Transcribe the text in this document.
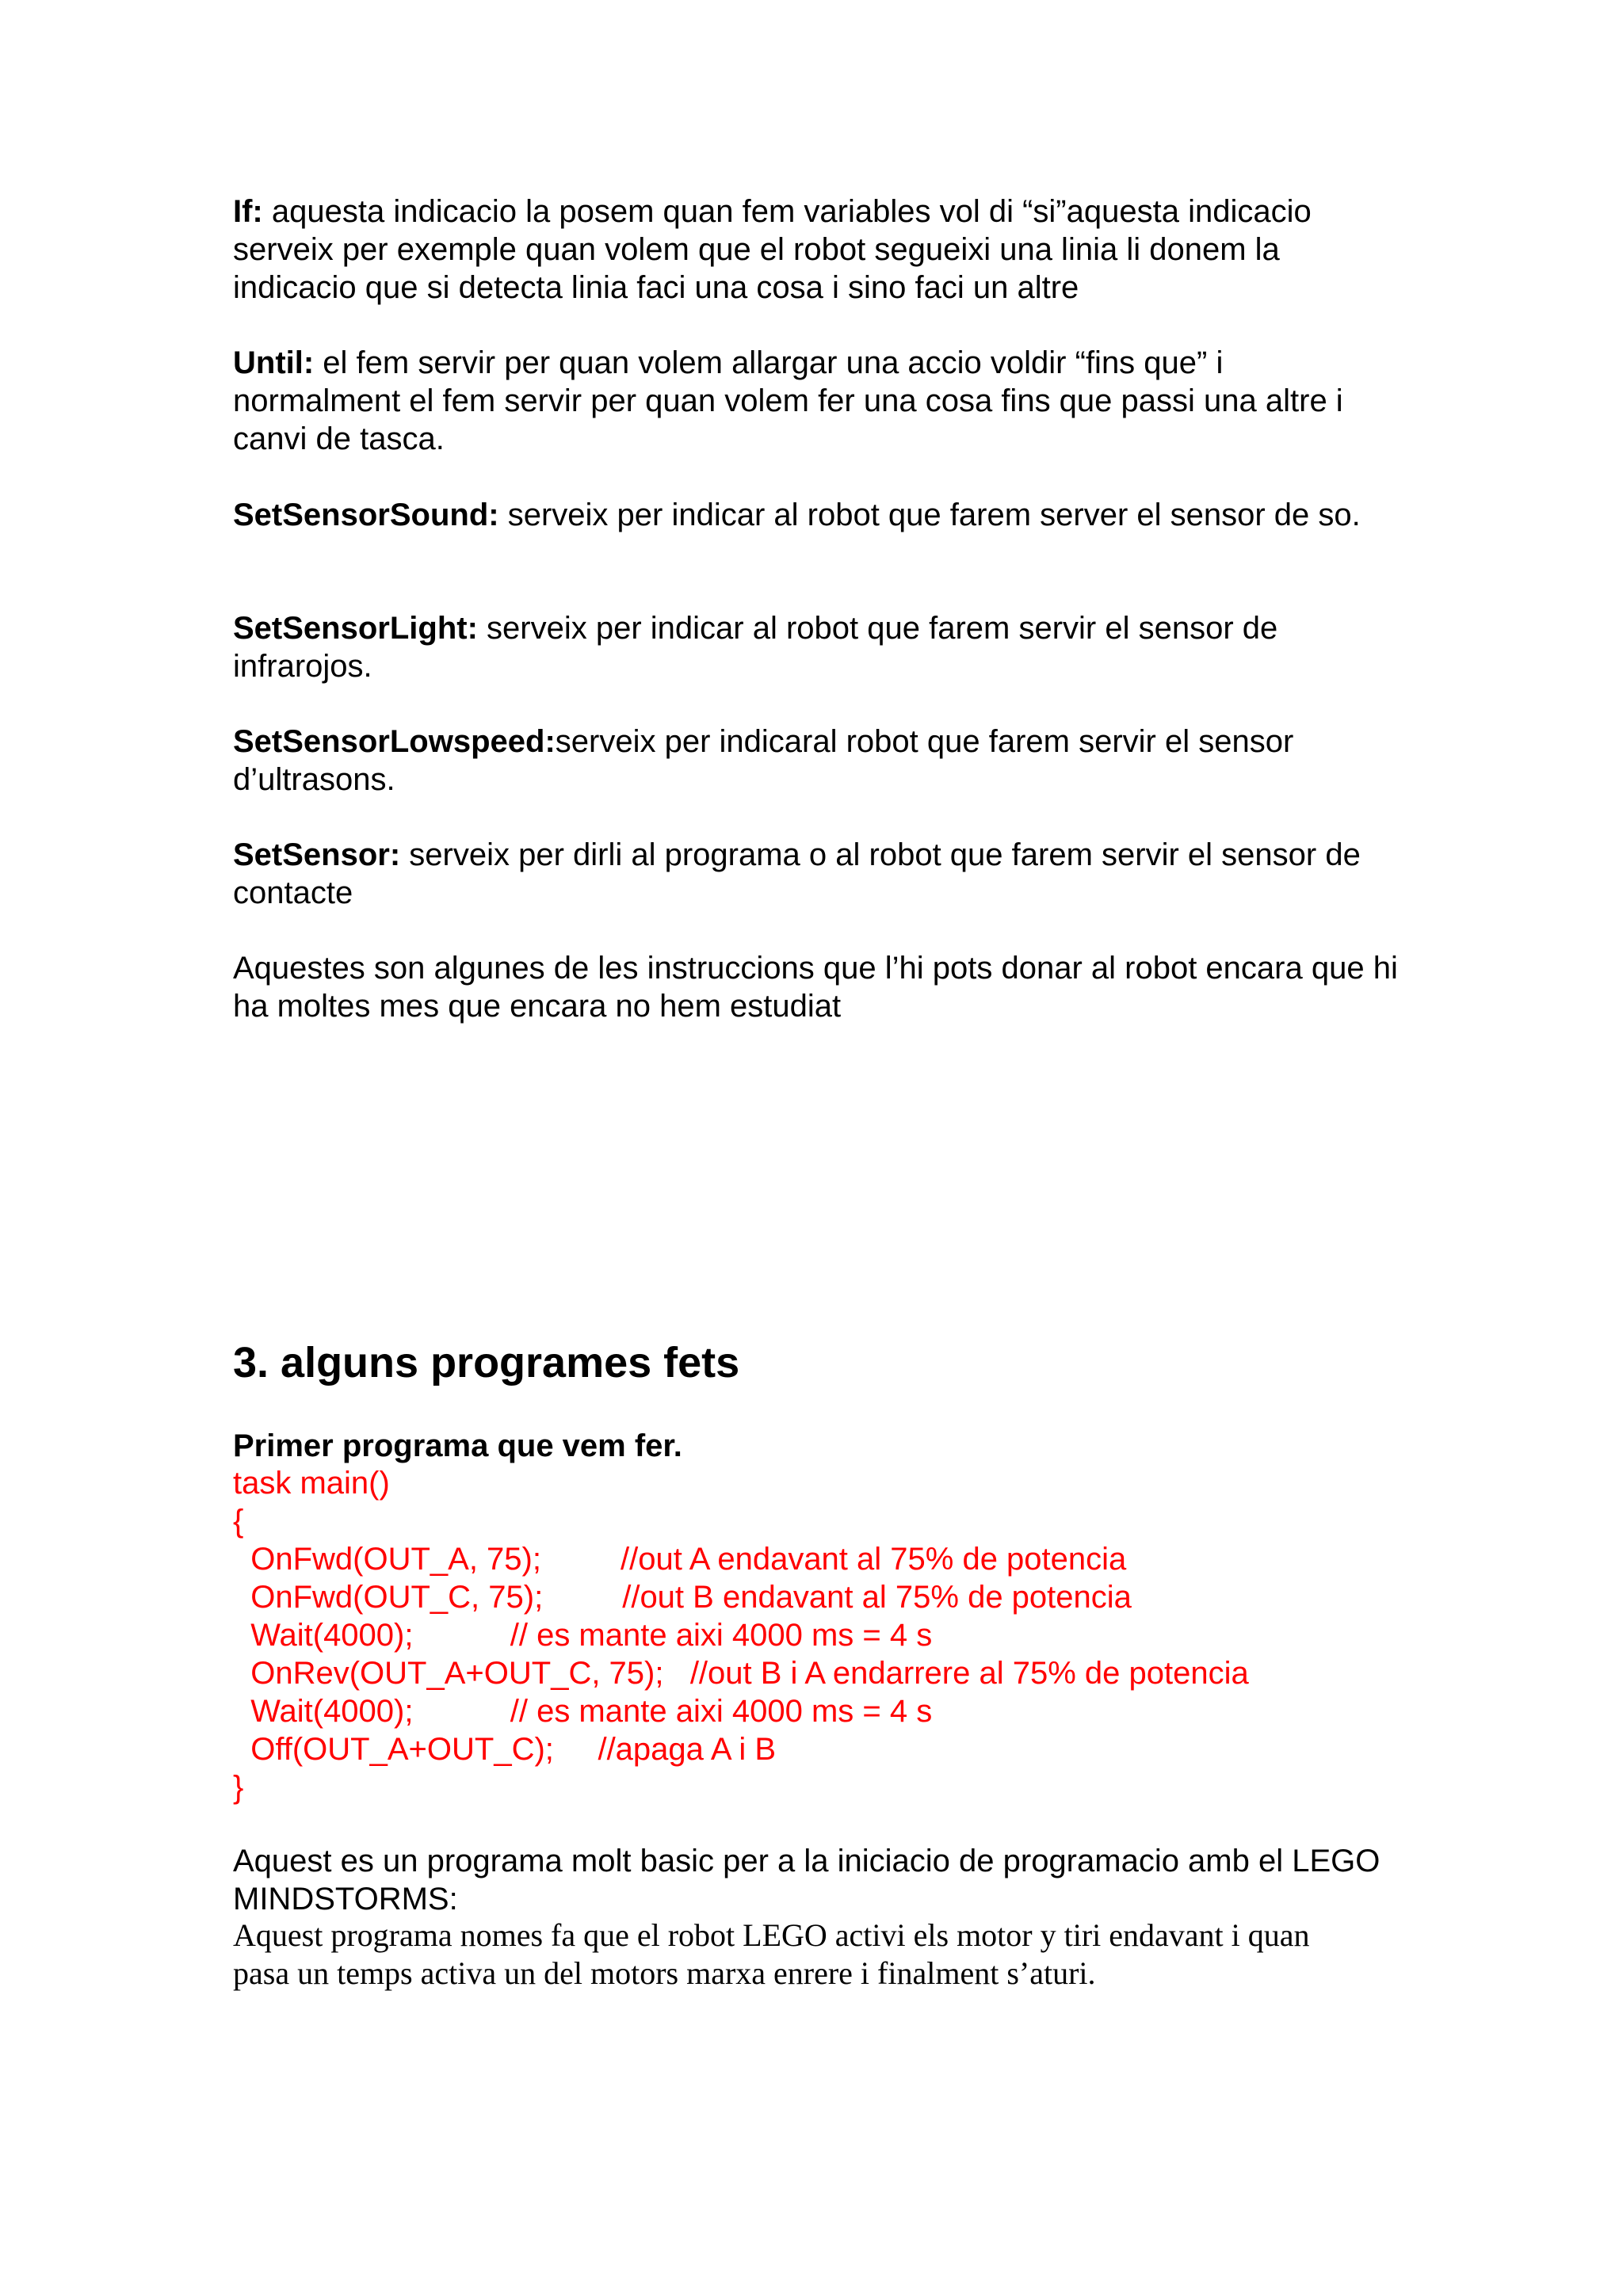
If: aquesta indicacio la posem quan fem variables vol di “si”aquesta indicacio serveix per exemple quan volem que el robot segueixi una linia li donem la indicacio que si detecta linia faci una cosa i sino faci un altre

Until: el fem servir per quan volem allargar una accio voldir “fins que” i normalment el fem servir per quan volem fer una cosa fins que passi una altre i canvi de tasca.

SetSensorSound: serveix per indicar al robot que farem server el sensor de so.

SetSensorLight: serveix per indicar al robot que farem servir el sensor de infrarojos.

SetSensorLowspeed:serveix per indicaral robot que farem servir el sensor d’ultrasons.

SetSensor: serveix per dirli al programa o al robot que farem servir el sensor de contacte

Aquestes son algunes de les instruccions que l’hi pots donar al robot encara que hi ha moltes mes que encara no hem estudiat

3. alguns programes fets

Primer programa que vem fer.

task main()

{

OnFwd(OUT_A, 75);         //out A endavant al 75% de potencia

OnFwd(OUT_C, 75);         //out B endavant al 75% de potencia

Wait(4000);           // es mante aixi 4000 ms = 4 s

OnRev(OUT_A+OUT_C, 75);   //out B i A endarrere al 75% de potencia

Wait(4000);           // es mante aixi 4000 ms = 4 s

Off(OUT_A+OUT_C);     //apaga A i B

}

Aquest es un programa molt basic per a la iniciacio de programacio amb el LEGO MINDSTORMS:

Aquest programa nomes fa que el robot LEGO activi els motor y tiri endavant i quan pasa un temps activa un del motors marxa enrere i finalment s’aturi.
